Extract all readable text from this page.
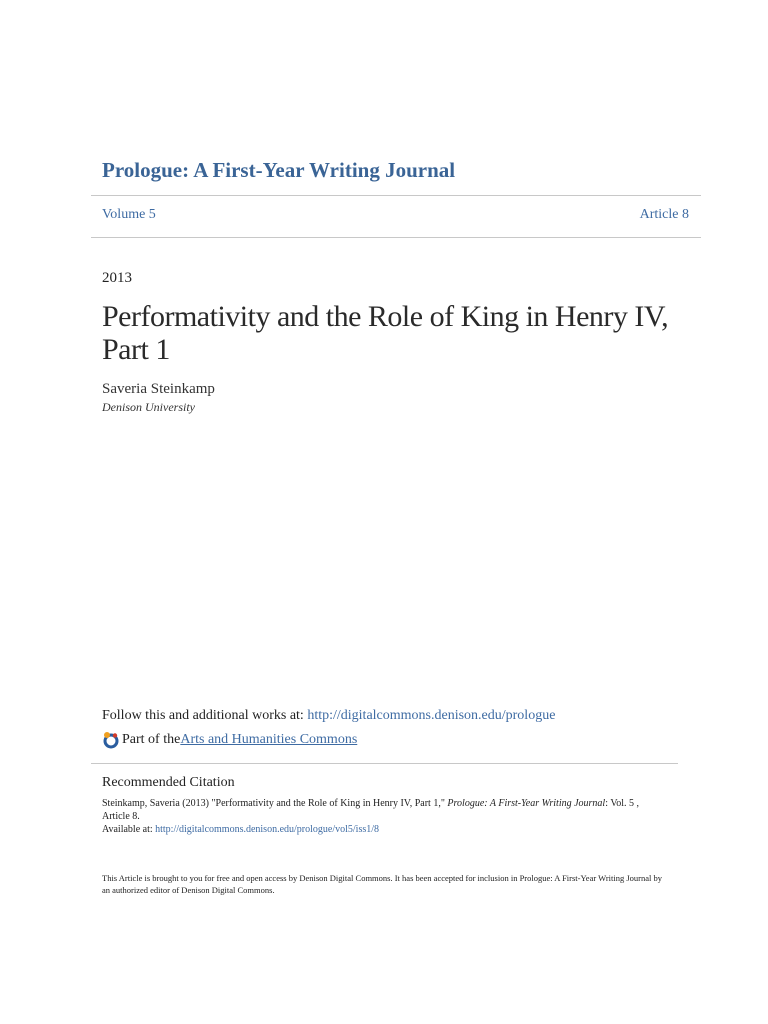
Prologue: A First-Year Writing Journal
Volume 5	Article 8
2013
Performativity and the Role of King in Henry IV, Part 1
Saveria Steinkamp
Denison University
Follow this and additional works at: http://digitalcommons.denison.edu/prologue
Part of the Arts and Humanities Commons
Recommended Citation
Steinkamp, Saveria (2013) "Performativity and the Role of King in Henry IV, Part 1," Prologue: A First-Year Writing Journal: Vol. 5 , Article 8.
Available at: http://digitalcommons.denison.edu/prologue/vol5/iss1/8
This Article is brought to you for free and open access by Denison Digital Commons. It has been accepted for inclusion in Prologue: A First-Year Writing Journal by an authorized editor of Denison Digital Commons.
